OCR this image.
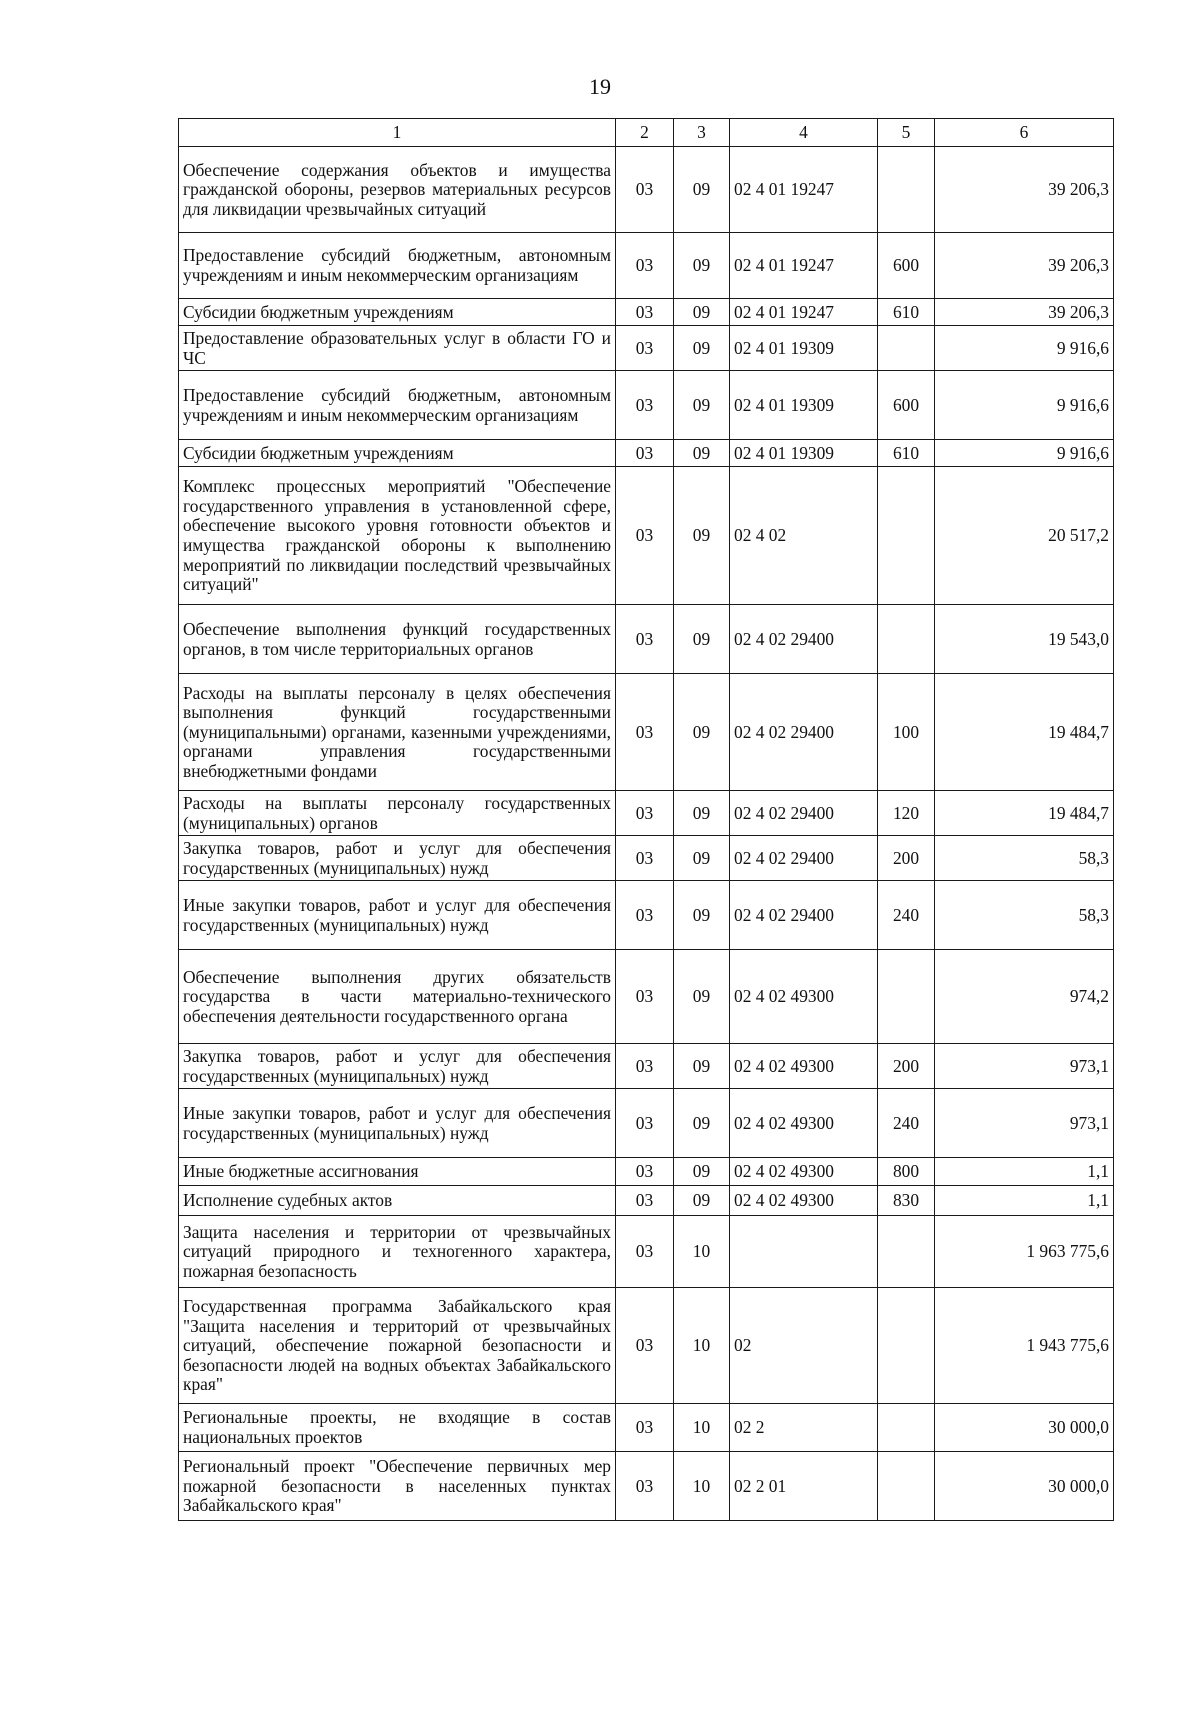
19
1	2	3	4	5	6
Обеспечение содержания объектов и имущества гражданской обороны, резервов материальных ресурсов для ликвидации чрезвычайных ситуаций	03	09	02 4 01 19247		39 206,3
Предоставление субсидий бюджетным, автономным учреждениям и иным некоммерческим организациям	03	09	02 4 01 19247	600	39 206,3
Субсидии бюджетным учреждениям	03	09	02 4 01 19247	610	39 206,3
Предоставление образовательных услуг в области ГО и ЧС	03	09	02 4 01 19309		9 916,6
Предоставление субсидий бюджетным, автономным учреждениям и иным некоммерческим организациям	03	09	02 4 01 19309	600	9 916,6
Субсидии бюджетным учреждениям	03	09	02 4 01 19309	610	9 916,6
Комплекс процессных мероприятий "Обеспечение государственного управления в установленной сфере, обеспечение высокого уровня готовности объектов и имущества гражданской обороны к выполнению мероприятий по ликвидации последствий чрезвычайных ситуаций"	03	09	02 4 02		20 517,2
Обеспечение выполнения функций государственных органов, в том числе территориальных органов	03	09	02 4 02 29400		19 543,0
Расходы на выплаты персоналу в целях обеспечения выполнения функций государственными (муниципальными) органами, казенными учреждениями, органами управления государственными внебюджетными фондами	03	09	02 4 02 29400	100	19 484,7
Расходы на выплаты персоналу государственных (муниципальных) органов	03	09	02 4 02 29400	120	19 484,7
Закупка товаров, работ и услуг для обеспечения государственных (муниципальных) нужд	03	09	02 4 02 29400	200	58,3
Иные закупки товаров, работ и услуг для обеспечения государственных (муниципальных) нужд	03	09	02 4 02 29400	240	58,3
Обеспечение выполнения других обязательств государства в части материально-технического обеспечения деятельности государственного органа	03	09	02 4 02 49300		974,2
Закупка товаров, работ и услуг для обеспечения государственных (муниципальных) нужд	03	09	02 4 02 49300	200	973,1
Иные закупки товаров, работ и услуг для обеспечения государственных (муниципальных) нужд	03	09	02 4 02 49300	240	973,1
Иные бюджетные ассигнования	03	09	02 4 02 49300	800	1,1
Исполнение судебных актов	03	09	02 4 02 49300	830	1,1
Защита населения и территории от чрезвычайных ситуаций природного и техногенного характера, пожарная безопасность	03	10			1 963 775,6
Государственная программа Забайкальского края "Защита населения и территорий от чрезвычайных ситуаций, обеспечение пожарной безопасности и безопасности людей на водных объектах Забайкальского края"	03	10	02		1 943 775,6
Региональные проекты, не входящие в состав национальных проектов	03	10	02 2		30 000,0
Региональный проект "Обеспечение первичных мер пожарной безопасности в населенных пунктах Забайкальского края"	03	10	02 2 01		30 000,0
